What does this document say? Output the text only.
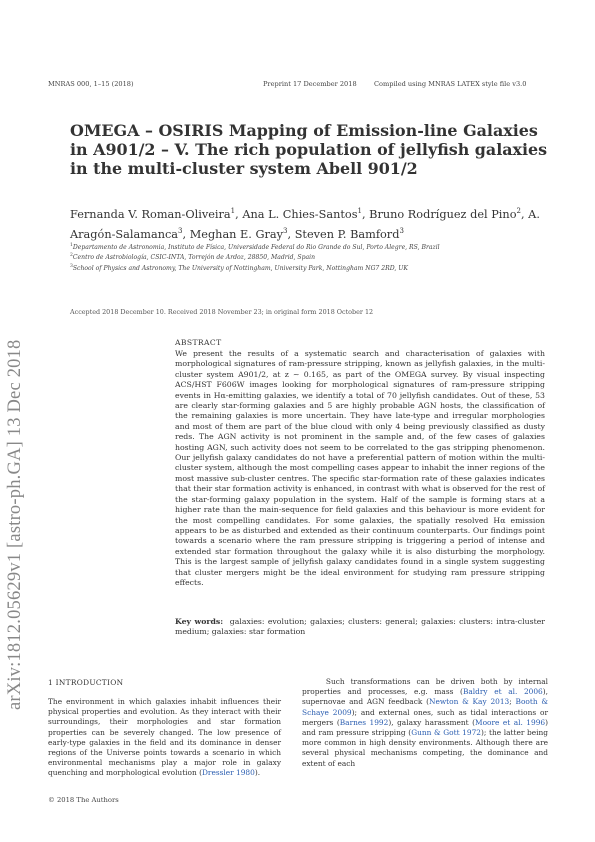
MNRAS 000, 1–15 (2018)	Preprint 17 December 2018	Compiled using MNRAS LATEX style file v3.0
arXiv:1812.05629v1 [astro-ph.GA] 13 Dec 2018
OMEGA – OSIRIS Mapping of Emission-line Galaxies in A901/2 – V. The rich population of jellyfish galaxies in the multi-cluster system Abell 901/2
Fernanda V. Roman-Oliveira$^1$, Ana L. Chies-Santos$^1$, Bruno Rodríguez del Pino$^2$, A. Aragón-Salamanca$^3$, Meghan E. Gray$^3$, Steven P. Bamford$^3$
$^1$Departamento de Astronomia, Instituto de Física, Universidade Federal do Rio Grande do Sul, Porto Alegre, RS, Brazil
$^2$Centro de Astrobiología, CSIC-INTA, Torrejón de Ardoz, 28850, Madrid, Spain
$^3$School of Physics and Astronomy, The University of Nottingham, University Park, Nottingham NG7 2RD, UK
Accepted 2018 December 10. Received 2018 November 23; in original form 2018 October 12
ABSTRACT
We present the results of a systematic search and characterisation of galaxies with morphological signatures of ram-pressure stripping, known as jellyfish galaxies, in the multi-cluster system A901/2, at z ∼ 0.165, as part of the OMEGA survey. By visual inspecting ACS/HST F606W images looking for morphological signatures of ram-pressure stripping events in Hα-emitting galaxies, we identify a total of 70 jellyfish candidates. Out of these, 53 are clearly star-forming galaxies and 5 are highly probable AGN hosts, the classification of the remaining galaxies is more uncertain. They have late-type and irregular morphologies and most of them are part of the blue cloud with only 4 being previously classified as dusty reds. The AGN activity is not prominent in the sample and, of the few cases of galaxies hosting AGN, such activity does not seem to be correlated to the gas stripping phenomenon. Our jellyfish galaxy candidates do not have a preferential pattern of motion within the multi-cluster system, although the most compelling cases appear to inhabit the inner regions of the most massive sub-cluster centres. The specific star-formation rate of these galaxies indicates that their star formation activity is enhanced, in contrast with what is observed for the rest of the star-forming galaxy population in the system. Half of the sample is forming stars at a higher rate than the main-sequence for field galaxies and this behaviour is more evident for the most compelling candidates. For some galaxies, the spatially resolved Hα emission appears to be as disturbed and extended as their continuum counterparts. Our findings point towards a scenario where the ram pressure stripping is triggering a period of intense and extended star formation throughout the galaxy while it is also disturbing the morphology. This is the largest sample of jellyfish galaxy candidates found in a single system suggesting that cluster mergers might be the ideal environment for studying ram pressure stripping effects.
Key words: galaxies: evolution; galaxies; clusters: general; galaxies: clusters: intra-cluster medium; galaxies: star formation
1 INTRODUCTION
The environment in which galaxies inhabit influences their physical properties and evolution. As they interact with their surroundings, their morphologies and star formation properties can be severely changed. The low presence of early-type galaxies in the field and its dominance in denser regions of the Universe points towards a scenario in which environmental mechanisms play a major role in galaxy quenching and morphological evolution (Dressler 1980).
Such transformations can be driven both by internal properties and processes, e.g. mass (Baldry et al. 2006), supernovae and AGN feedback (Newton & Kay 2013; Booth & Schaye 2009); and external ones, such as tidal interactions or mergers (Barnes 1992), galaxy harassment (Moore et al. 1996) and ram pressure stripping (Gunn & Gott 1972); the latter being more common in high density environments. Although there are several physical mechanisms competing, the dominance and extent of each
© 2018 The Authors
